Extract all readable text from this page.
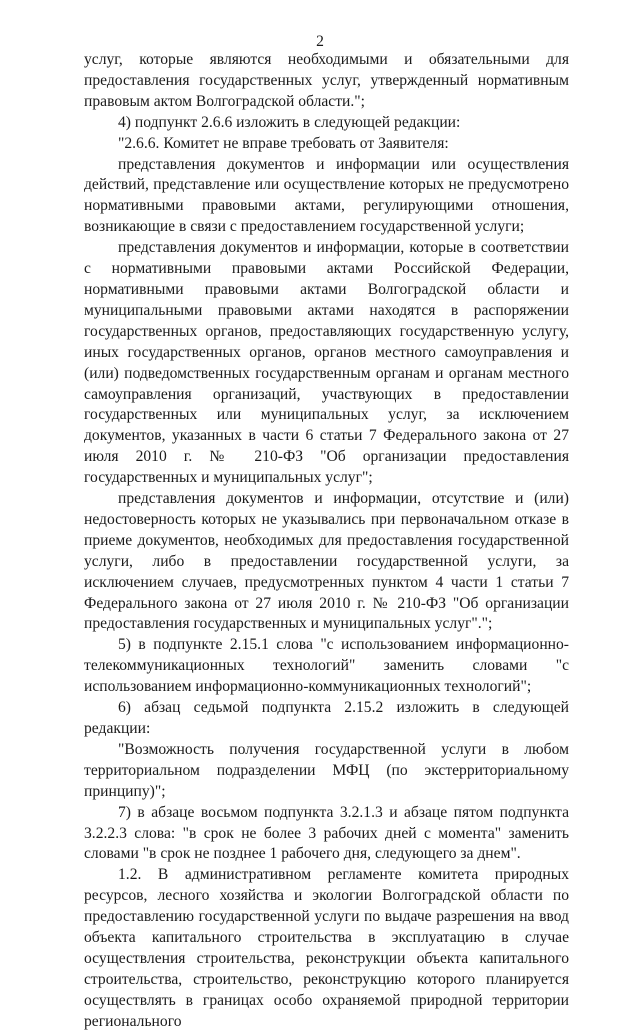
2

услуг, которые являются необходимыми и обязательными для предоставления государственных услуг, утвержденный нормативным правовым актом Волгоградской области.";

4) подпункт 2.6.6 изложить в следующей редакции:

"2.6.6. Комитет не вправе требовать от Заявителя:

представления документов и информации или осуществления действий, представление или осуществление которых не предусмотрено нормативными правовыми актами, регулирующими отношения, возникающие в связи с предоставлением государственной услуги;

представления документов и информации, которые в соответствии с нормативными правовыми актами Российской Федерации, нормативными правовыми актами Волгоградской области и муниципальными правовыми актами находятся в распоряжении государственных органов, предоставляющих государственную услугу, иных государственных органов, органов местного самоуправления и (или) подведомственных государственным органам и органам местного самоуправления организаций, участвующих в предоставлении государственных или муниципальных услуг, за исключением документов, указанных в части 6 статьи 7 Федерального закона от 27 июля 2010 г. № 210-ФЗ "Об организации предоставления государственных и муниципальных услуг";

представления документов и информации, отсутствие и (или) недостоверность которых не указывались при первоначальном отказе в приеме документов, необходимых для предоставления государственной услуги, либо в предоставлении государственной услуги, за исключением случаев, предусмотренных пунктом 4 части 1 статьи 7 Федерального закона от 27 июля 2010 г. № 210-ФЗ "Об организации предоставления государственных и муниципальных услуг".";

5) в подпункте 2.15.1 слова "с использованием информационно-телекоммуникационных технологий" заменить словами "с использованием информационно-коммуникационных технологий";

6) абзац седьмой подпункта 2.15.2 изложить в следующей редакции:

"Возможность получения государственной услуги в любом территориальном подразделении МФЦ (по экстерриториальному принципу)";

7) в абзаце восьмом подпункта 3.2.1.3 и абзаце пятом подпункта 3.2.2.3 слова: "в срок не более 3 рабочих дней с момента" заменить словами "в срок не позднее 1 рабочего дня, следующего за днем".

1.2. В административном регламенте комитета природных ресурсов, лесного хозяйства и экологии Волгоградской области по предоставлению государственной услуги по выдаче разрешения на ввод объекта капитального строительства в эксплуатацию в случае осуществления строительства, реконструкции объекта капитального строительства, строительство, реконструкцию которого планируется осуществлять в границах особо охраняемой природной территории регионального
